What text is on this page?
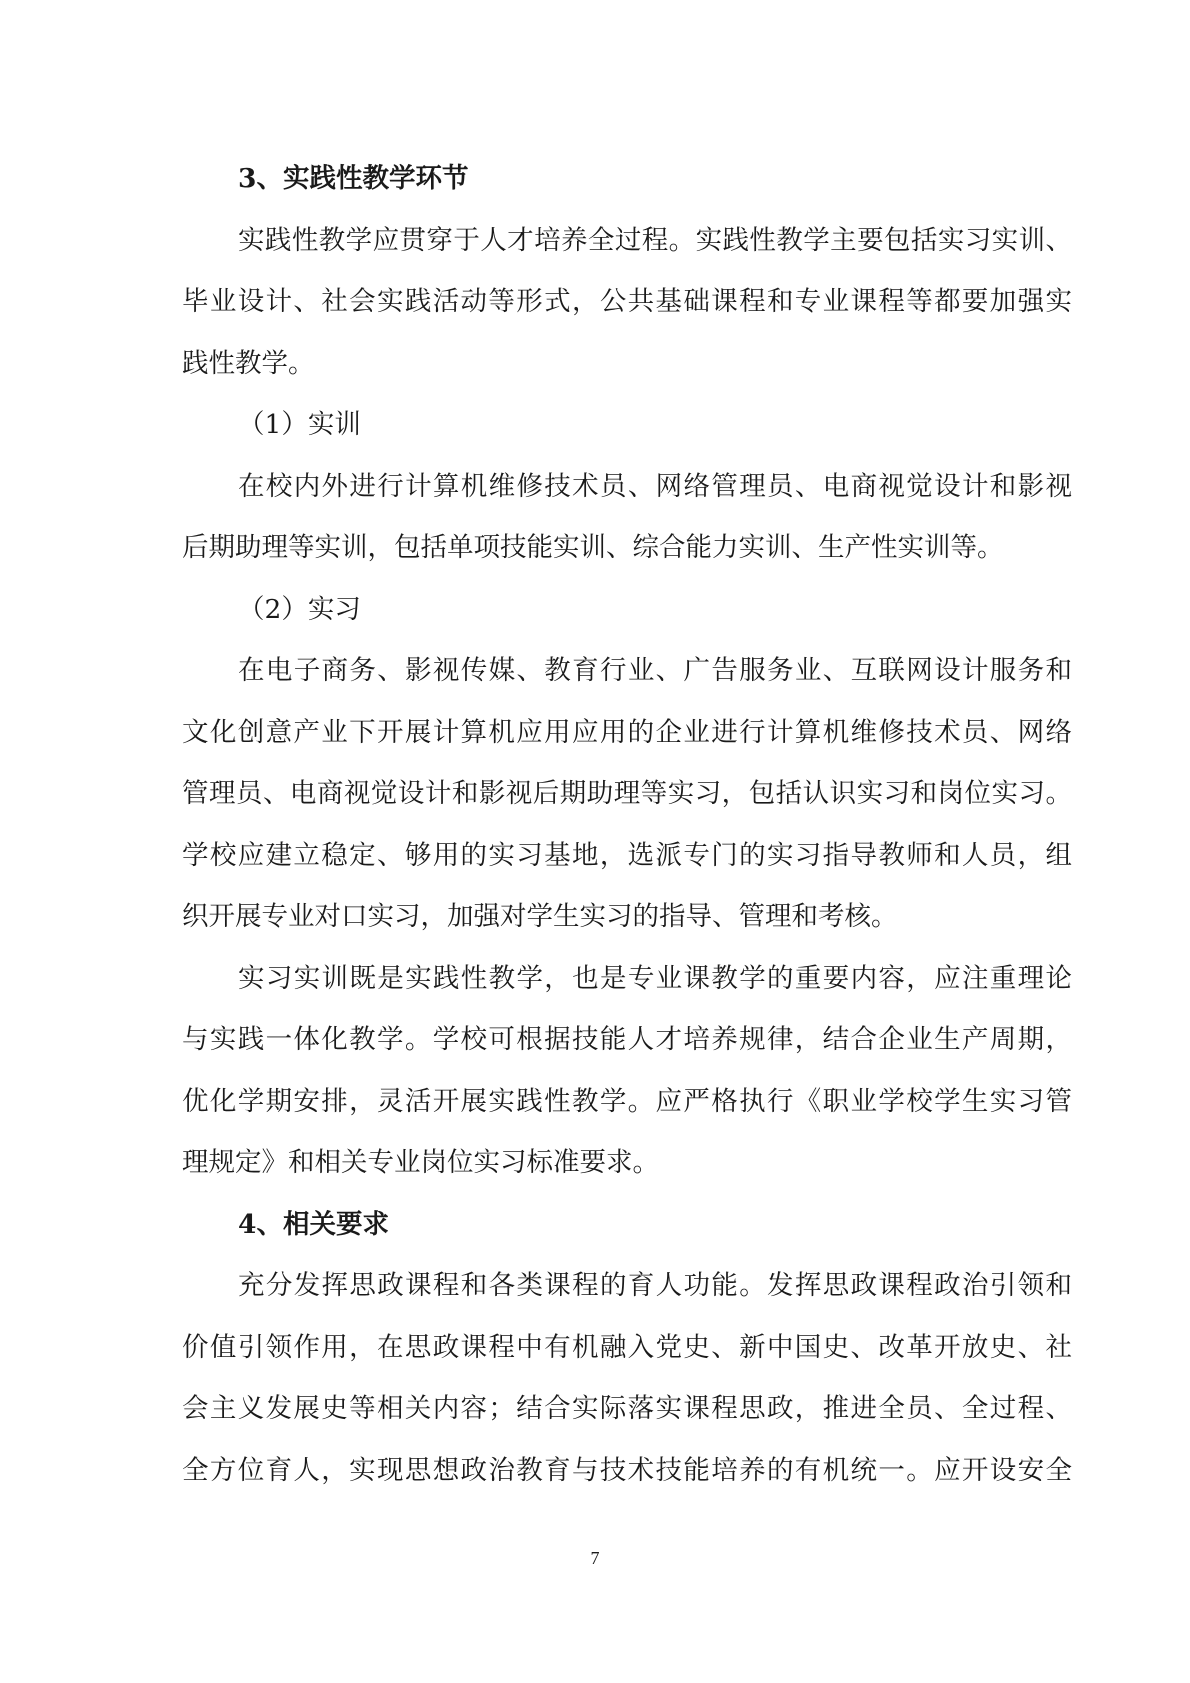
3、实践性教学环节
实践性教学应贯穿于人才培养全过程。实践性教学主要包括实习实训、
毕业设计、社会实践活动等形式，公共基础课程和专业课程等都要加强实
践性教学。
（1）实训
在校内外进行计算机维修技术员、网络管理员、电商视觉设计和影视
后期助理等实训，包括单项技能实训、综合能力实训、生产性实训等。
（2）实习
在电子商务、影视传媒、教育行业、广告服务业、互联网设计服务和
文化创意产业下开展计算机应用应用的企业进行计算机维修技术员、网络
管理员、电商视觉设计和影视后期助理等实习，包括认识实习和岗位实习。
学校应建立稳定、够用的实习基地，选派专门的实习指导教师和人员，组
织开展专业对口实习，加强对学生实习的指导、管理和考核。
实习实训既是实践性教学，也是专业课教学的重要内容，应注重理论
与实践一体化教学。学校可根据技能人才培养规律，结合企业生产周期，
优化学期安排，灵活开展实践性教学。应严格执行《职业学校学生实习管
理规定》和相关专业岗位实习标准要求。
4、相关要求
充分发挥思政课程和各类课程的育人功能。发挥思政课程政治引领和
价值引领作用，在思政课程中有机融入党史、新中国史、改革开放史、社
会主义发展史等相关内容；结合实际落实课程思政，推进全员、全过程、
全方位育人，实现思想政治教育与技术技能培养的有机统一。应开设安全
7
